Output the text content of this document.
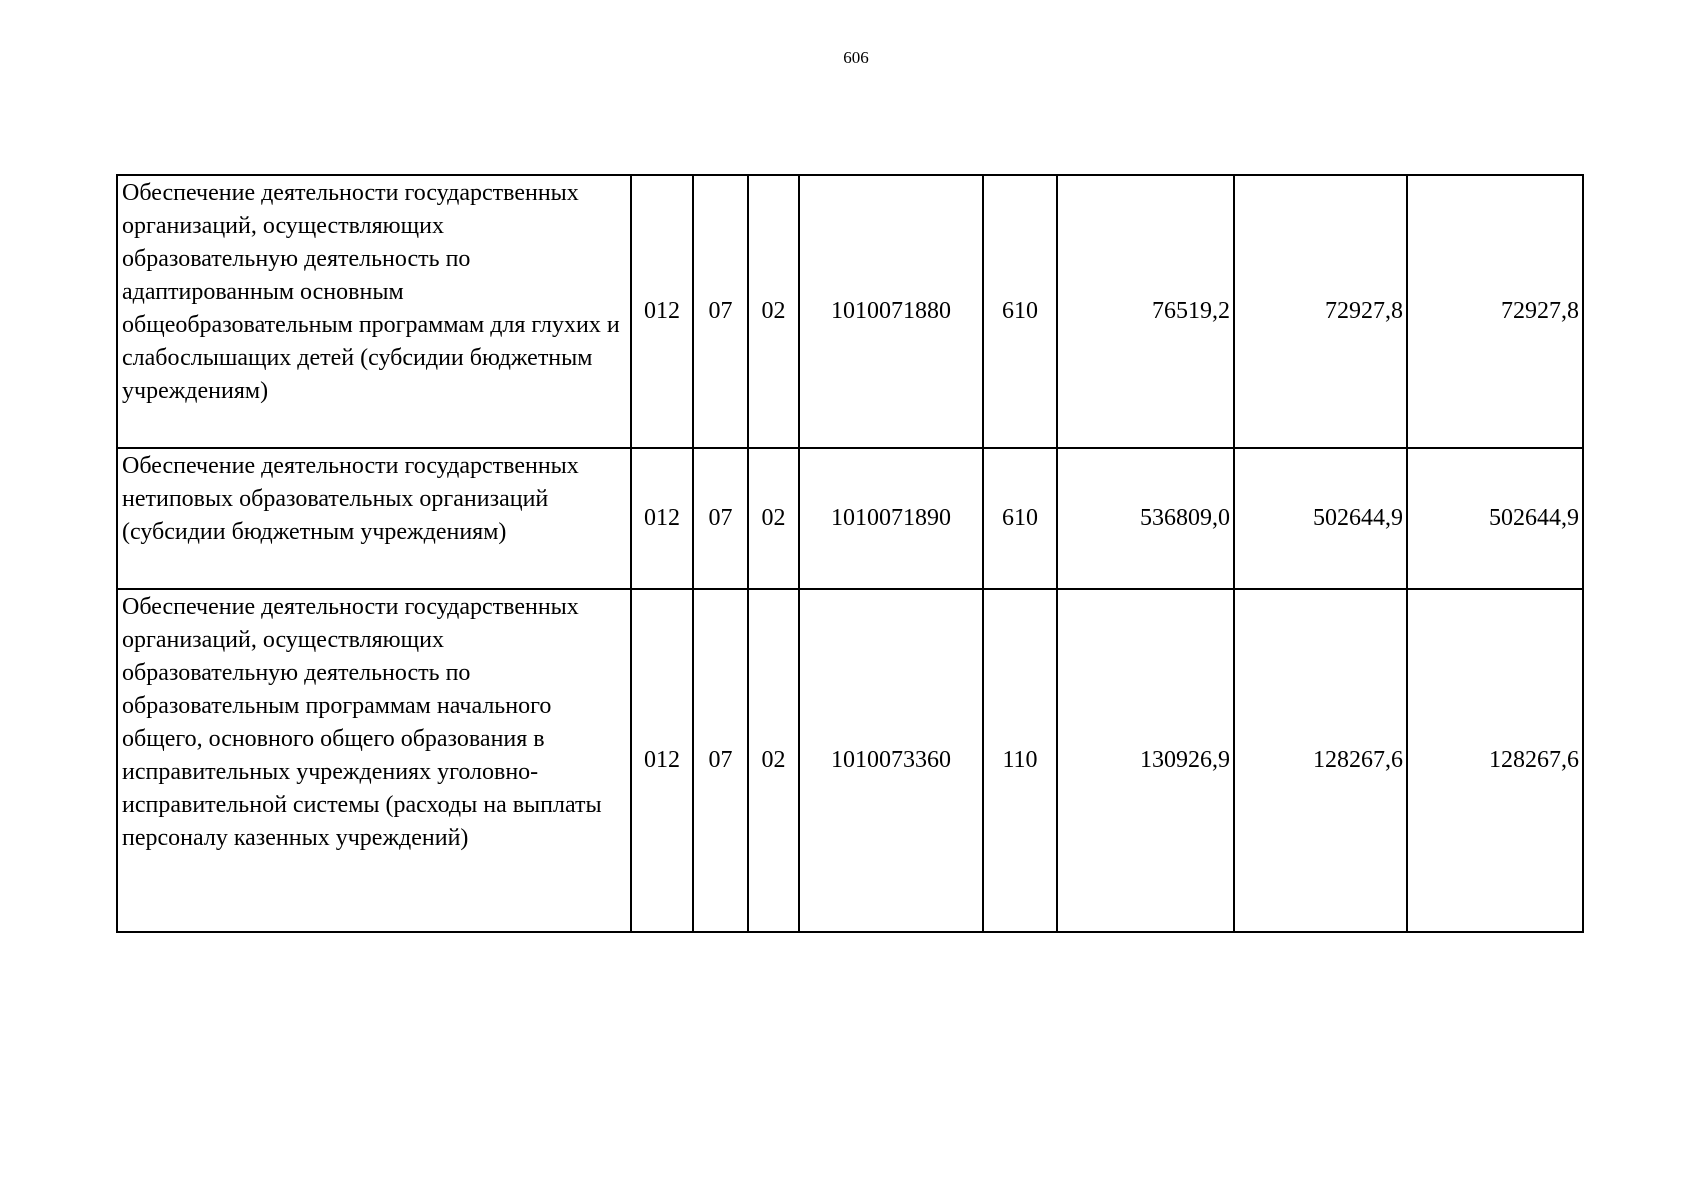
606
Обеспечение деятельности государственных организаций, осуществляющих образовательную деятельность по адаптированным основным общеобразовательным программам для глухих и слабослышащих детей (субсидии бюджетным учреждениям)	012	07	02	1010071880	610	76519,2	72927,8	72927,8
Обеспечение деятельности государственных нетиповых образовательных организаций (субсидии бюджетным учреждениям)	012	07	02	1010071890	610	536809,0	502644,9	502644,9
Обеспечение деятельности государственных организаций, осуществляющих образовательную деятельность по образовательным программам начального общего, основного общего образования в исправительных учреждениях уголовно-исправительной системы (расходы на выплаты персоналу казенных учреждений)	012	07	02	1010073360	110	130926,9	128267,6	128267,6
